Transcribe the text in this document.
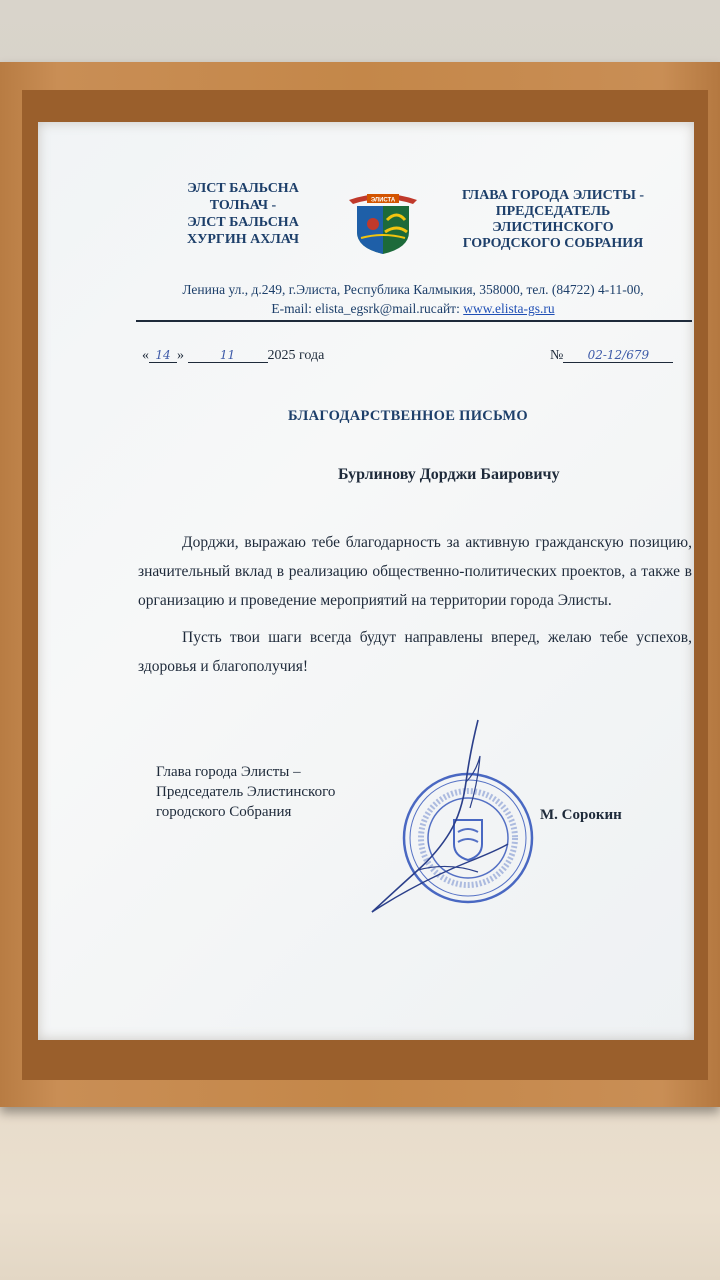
ЭЛСТ БАЛЬСНА
ТОЛҺАЧ -
ЭЛСТ БАЛЬСНА
ХУРГИН АХЛАЧ
ЭЛИСТА	ГЛАВА ГОРОДА ЭЛИСТЫ -
ПРЕДСЕДАТЕЛЬ
ЭЛИСТИНСКОГО
ГОРОДСКОГО СОБРАНИЯ
Ленина ул., д.249, г.Элиста, Республика Калмыкия, 358000, тел. (84722) 4-11-00,
E-mail: elista_egsrk@mail.ruсайт: www.elista-gs.ru
« 14 »	11 2025 года	№ 02-12/679
БЛАГОДАРСТВЕННОЕ ПИСЬМО
Бурлинову Дорджи Баировичу

Дорджи, выражаю тебе благодарность за активную гражданскую позицию, значительный вклад в реализацию общественно-политических проектов, а также в организацию и проведение мероприятий на территории города Элисты.

Пусть твои шаги всегда будут направлены вперед, желаю тебе успехов, здоровья и благополучия!

Глава города Элисты –
Председатель Элистинского
городского Собрания	М. Сорокин
